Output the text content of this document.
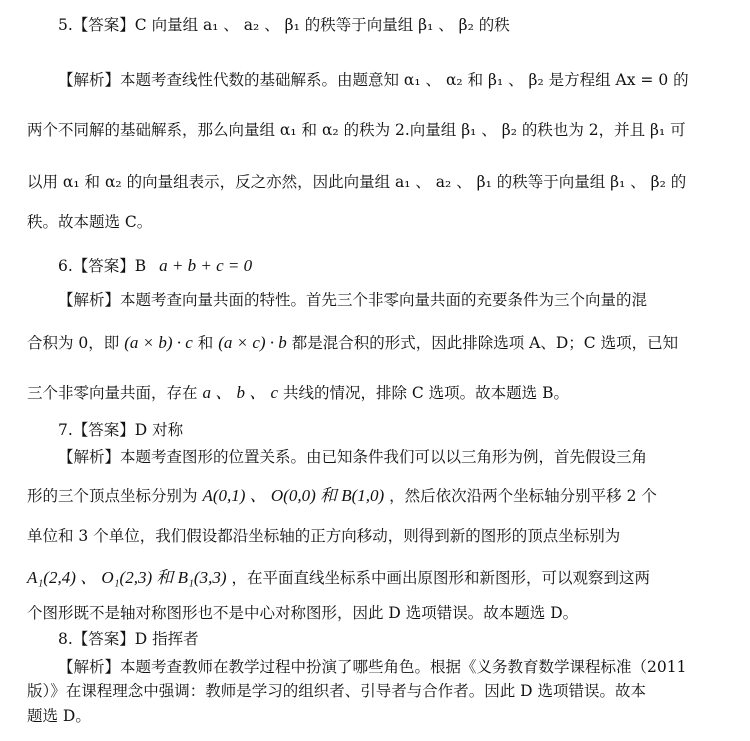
5.【答案】C 向量组 a₁ 、 a₂ 、 β₁ 的秩等于向量组 β₁ 、 β₂ 的秩
【解析】本题考查线性代数的基础解系。由题意知 α₁ 、 α₂ 和 β₁ 、 β₂ 是方程组 Ax = 0 的
两个不同解的基础解系，那么向量组 α₁ 和 α₂ 的秩为 2.向量组 β₁ 、 β₂ 的秩也为 2，并且 β₁ 可
以用 α₁ 和 α₂ 的向量组表示，反之亦然，因此向量组 a₁ 、 a₂ 、 β₁ 的秩等于向量组 β₁ 、 β₂ 的
秩。故本题选 C。
6.【答案】B a + b + c = 0
【解析】本题考查向量共面的特性。首先三个非零向量共面的充要条件为三个向量的混
合积为 0，即 (a × b) · c 和 (a × c) · b 都是混合积的形式，因此排除选项 A、D；C 选项，已知
三个非零向量共面，存在 a 、 b 、 c 共线的情况，排除 C 选项。故本题选 B。
7.【答案】D 对称
【解析】本题考查图形的位置关系。由已知条件我们可以以三角形为例，首先假设三角
形的三个顶点坐标分别为 A(0,1) 、 O(0,0) 和 B(1,0) ，然后依次沿两个坐标轴分别平移 2 个
单位和 3 个单位，我们假设都沿坐标轴的正方向移动，则得到新的图形的顶点坐标别为
A₁(2,4) 、 O₁(2,3) 和 B₁(3,3) ，在平面直线坐标系中画出原图形和新图形，可以观察到这两
个图形既不是轴对称图形也不是中心对称图形，因此 D 选项错误。故本题选 D。
8.【答案】D 指挥者
【解析】本题考查教师在教学过程中扮演了哪些角色。根据《义务教育数学课程标准（2011
版）》在课程理念中强调：教师是学习的组织者、引导者与合作者。因此 D 选项错误。故本
题选 D。
